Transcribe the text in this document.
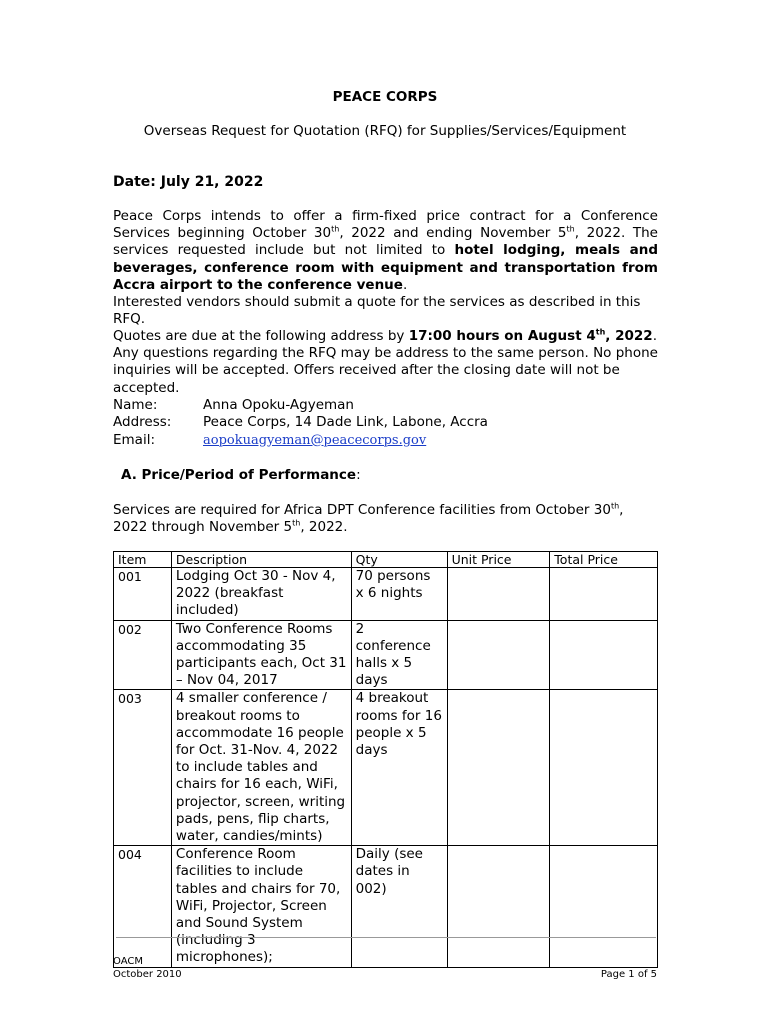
PEACE CORPS
Overseas Request for Quotation (RFQ) for Supplies/Services/Equipment
Date: July 21, 2022
Peace Corps intends to offer a firm-fixed price contract for a Conference Services beginning October 30th, 2022 and ending November 5th, 2022. The services requested include but not limited to hotel lodging, meals and beverages, conference room with equipment and transportation from Accra airport to the conference venue.
Interested vendors should submit a quote for the services as described in this RFQ.
Quotes are due at the following address by 17:00 hours on August 4th, 2022.
Any questions regarding the RFQ may be address to the same person. No phone inquiries will be accepted. Offers received after the closing date will not be accepted.
Name:	Anna Opoku-Agyeman
Address: Peace Corps, 14 Dade Link, Labone, Accra
Email:	aopokuagyeman@peacecorps.gov
A. Price/Period of Performance:
Services are required for Africa DPT Conference facilities from October 30th, 2022 through November 5th, 2022.
Item	Description	Qty	Unit Price	Total Price
001	Lodging Oct 30 - Nov 4, 2022 (breakfast included)	70 persons x 6 nights		
002	Two Conference Rooms accommodating 35 participants each, Oct 31 – Nov 04, 2017	2 conference halls x 5 days		
003	4 smaller conference / breakout rooms to accommodate 16 people for Oct. 31-Nov. 4, 2022 to include tables and chairs for 16 each, WiFi, projector, screen, writing pads, pens, flip charts, water, candies/mints)	4 breakout rooms for 16 people x 5 days		
004	Conference Room facilities to include tables and chairs for 70, WiFi, Projector, Screen and Sound System (including 3 microphones);	Daily (see dates in 002)		
OACM
October 2010	Page 1 of 5
